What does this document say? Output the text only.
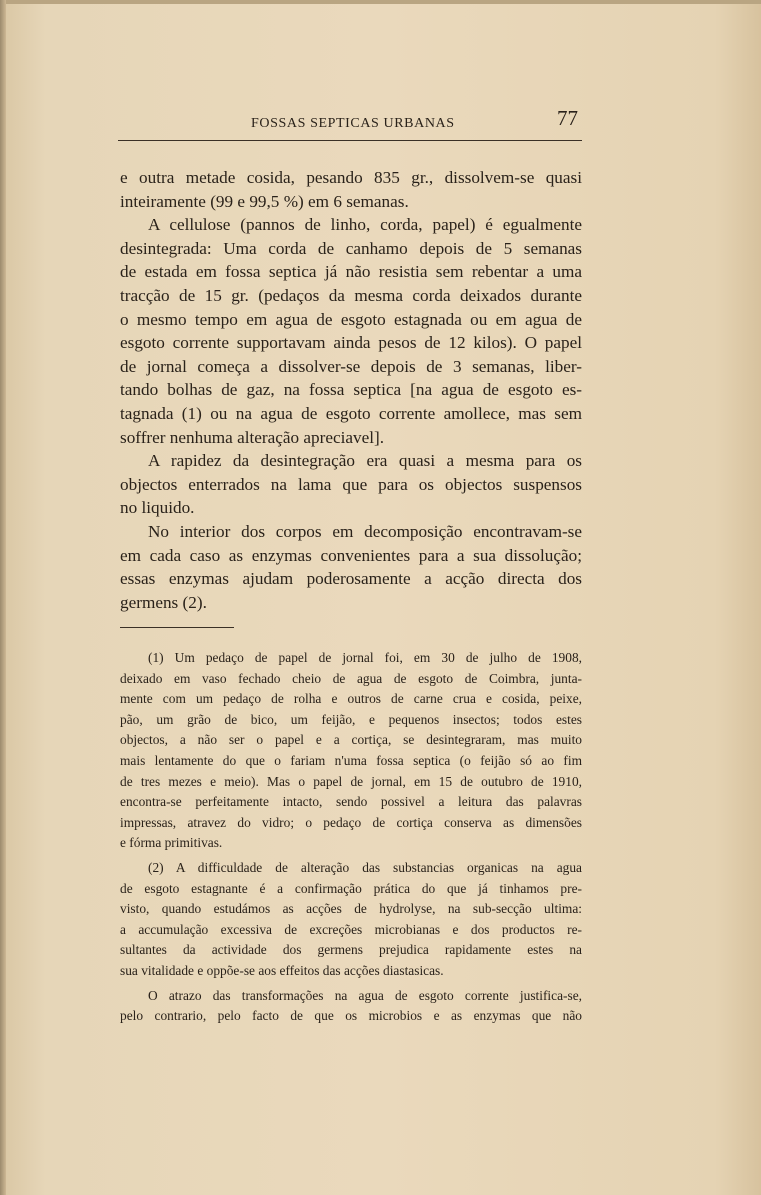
FOSSAS SEPTICAS URBANAS	77

e outra metade cosida, pesando 835 gr., dissolvem-se quasi

inteiramente (99 e 99,5 %) em 6 semanas.

A cellulose (pannos de linho, corda, papel) é egualmente

desintegrada: Uma corda de canhamo depois de 5 semanas

de estada em fossa septica já não resistia sem rebentar a uma

tracção de 15 gr. (pedaços da mesma corda deixados durante

o mesmo tempo em agua de esgoto estagnada ou em agua de

esgoto corrente supportavam ainda pesos de 12 kilos). O papel

de jornal começa a dissolver-se depois de 3 semanas, liber-

tando bolhas de gaz, na fossa septica [na agua de esgoto es-

tagnada (1) ou na agua de esgoto corrente amollece, mas sem

soffrer nenhuma alteração apreciavel].

A rapidez da desintegração era quasi a mesma para os

objectos enterrados na lama que para os objectos suspensos

no liquido.

No interior dos corpos em decomposição encontravam-se

em cada caso as enzymas convenientes para a sua dissolução;

essas enzymas ajudam poderosamente a acção directa dos

germens (2).

(1) Um pedaço de papel de jornal foi, em 30 de julho de 1908,

deixado em vaso fechado cheio de agua de esgoto de Coimbra, junta-

mente com um pedaço de rolha e outros de carne crua e cosida, peixe,

pão, um grão de bico, um feijão, e pequenos insectos; todos estes

objectos, a não ser o papel e a cortiça, se desintegraram, mas muito

mais lentamente do que o fariam n'uma fossa septica (o feijão só ao fim

de tres mezes e meio). Mas o papel de jornal, em 15 de outubro de 1910,

encontra-se perfeitamente intacto, sendo possivel a leitura das palavras

impressas, atravez do vidro; o pedaço de cortiça conserva as dimensões

e fórma primitivas.

(2) A difficuldade de alteração das substancias organicas na agua

de esgoto estagnante é a confirmação prática do que já tinhamos pre-

visto, quando estudámos as acções de hydrolyse, na sub-secção ultima:

a accumulação excessiva de excreções microbianas e dos productos re-

sultantes da actividade dos germens prejudica rapidamente estes na

sua vitalidade e oppõe-se aos effeitos das acções diastasicas.

O atrazo das transformações na agua de esgoto corrente justifica-se,

pelo contrario, pelo facto de que os microbios e as enzymas que não
